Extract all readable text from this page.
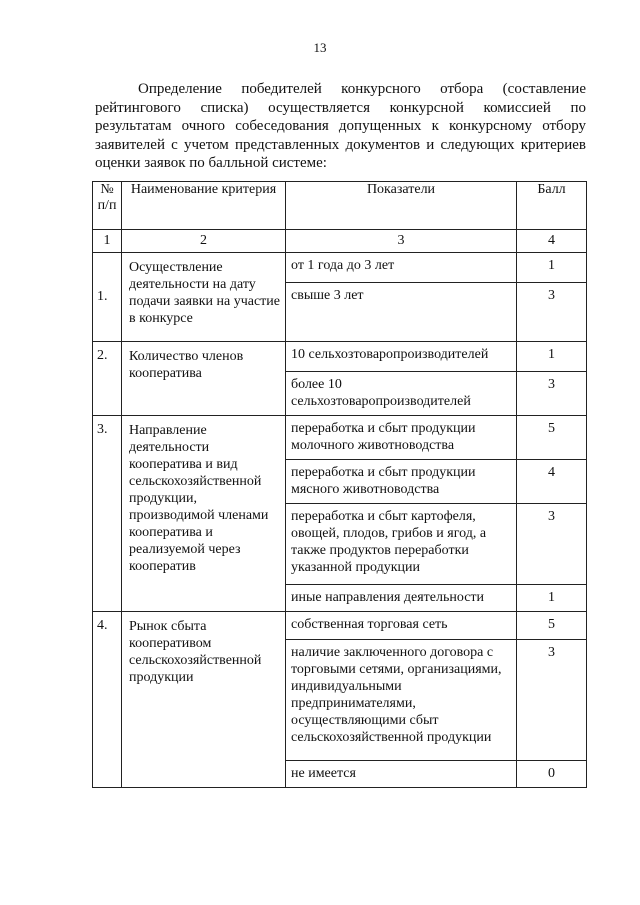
13
Определение победителей конкурсного отбора (составление
рейтингового списка) осуществляется конкурсной комиссией по
результатам очного собеседования допущенных к конкурсному отбору
заявителей с учетом представленных документов и следующих критериев
оценки заявок по балльной системе:
№ п/п	Наименование критерия	Показатели	Балл
1	2	3	4
1.	Осуществление деятельности на дату подачи заявки на участие в конкурсе	от 1 года до 3 лет	1
		свыше 3 лет	3
2.	Количество членов кооператива	10 сельхозтоваропроизводителей	1
		более 10 сельхозтоваропроизводителей	3
3.	Направление деятельности кооператива и вид сельскохозяйственной продукции, производимой членами кооператива и реализуемой через кооператив	переработка и сбыт продукции молочного животноводства	5
		переработка и сбыт продукции мясного животноводства	4
		переработка и сбыт картофеля, овощей, плодов, грибов и ягод, а также продуктов переработки указанной продукции	3
		иные направления деятельности	1
4.	Рынок сбыта кооперативом сельскохозяйственной продукции	собственная торговая сеть	5
		наличие заключенного договора с торговыми сетями, организациями, индивидуальными предпринимателями, осуществляющими сбыт сельскохозяйственной продукции	3
		не имеется	0
